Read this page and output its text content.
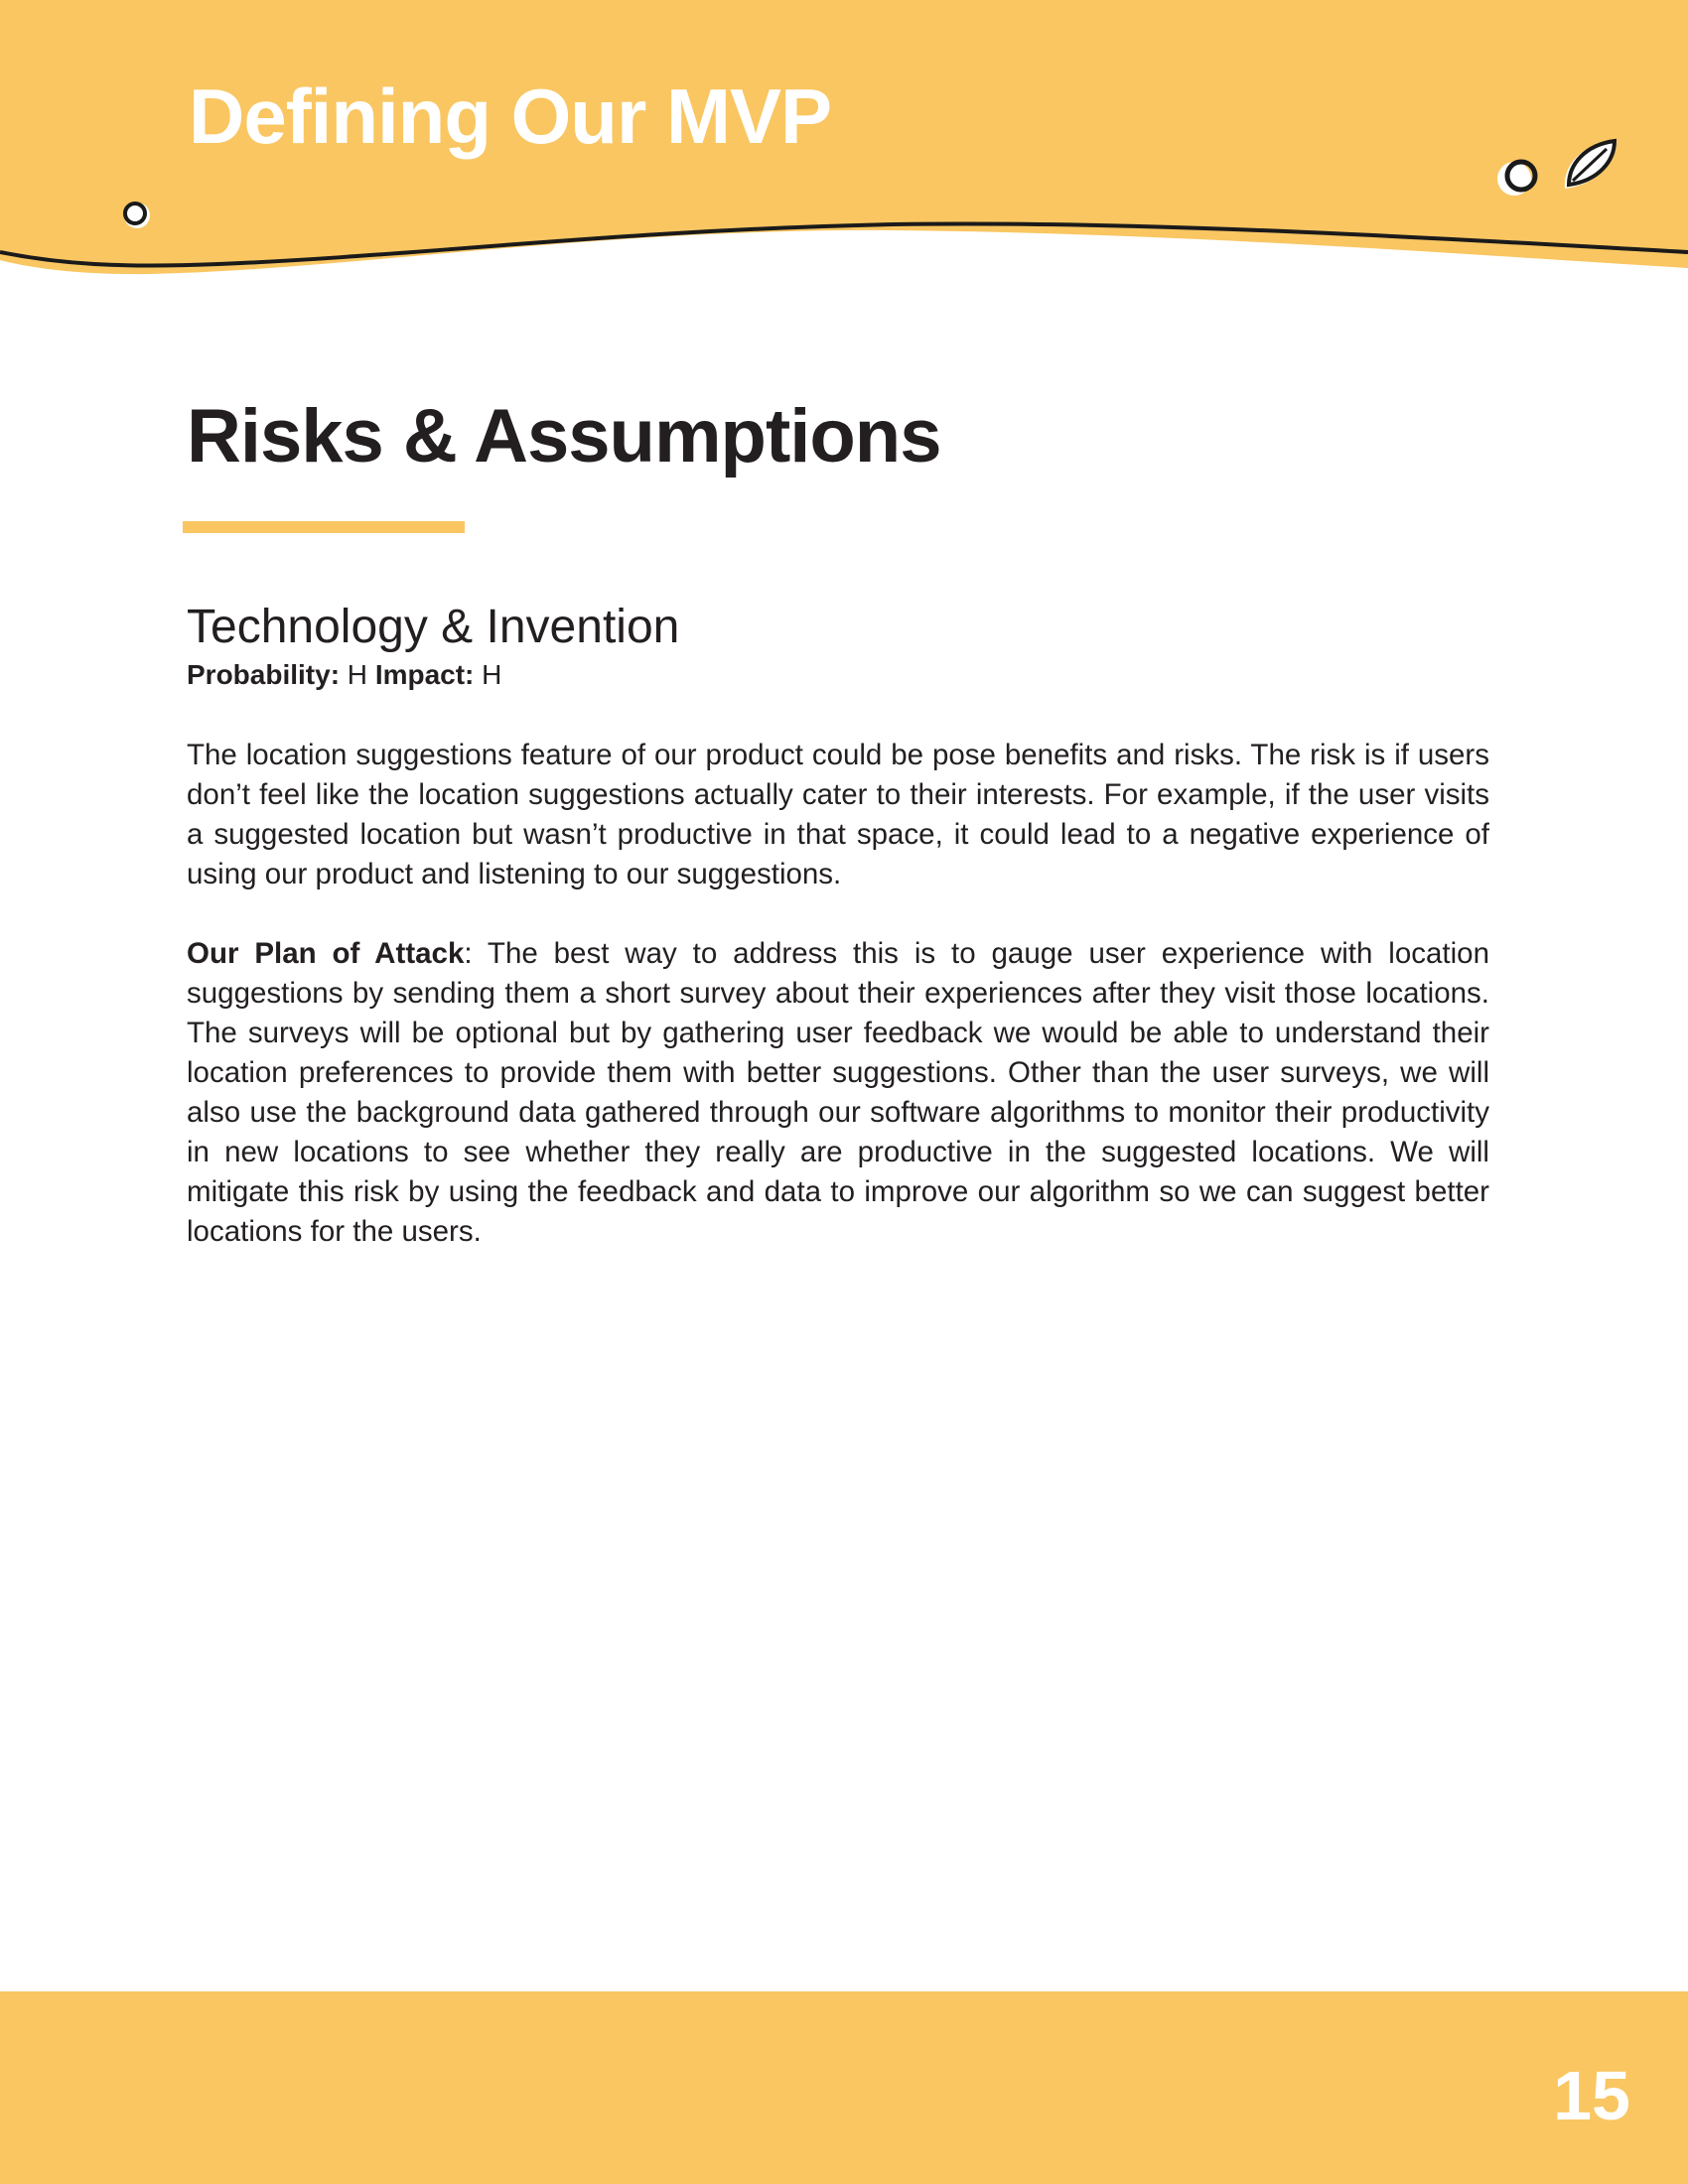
Defining Our MVP
Risks & Assumptions
Technology & Invention
Probability: H Impact: H

The location suggestions feature of our product could be pose benefits and risks. The risk is if users don’t feel like the location suggestions actually cater to their interests. For example, if the user visits a suggested location but wasn’t productive in that space, it could lead to a negative experience of using our product and listening to our suggestions.

Our Plan of Attack: The best way to address this is to gauge user experience with location suggestions by sending them a short survey about their experiences after they visit those locations. The surveys will be optional but by gathering user feedback we would be able to understand their location preferences to provide them with better suggestions. Other than the user surveys, we will also use the background data gathered through our software algorithms to monitor their productivity in new locations to see whether they really are productive in the suggested locations. We will mitigate this risk by using the feedback and data to improve our algorithm so we can suggest better locations for the users.

15
